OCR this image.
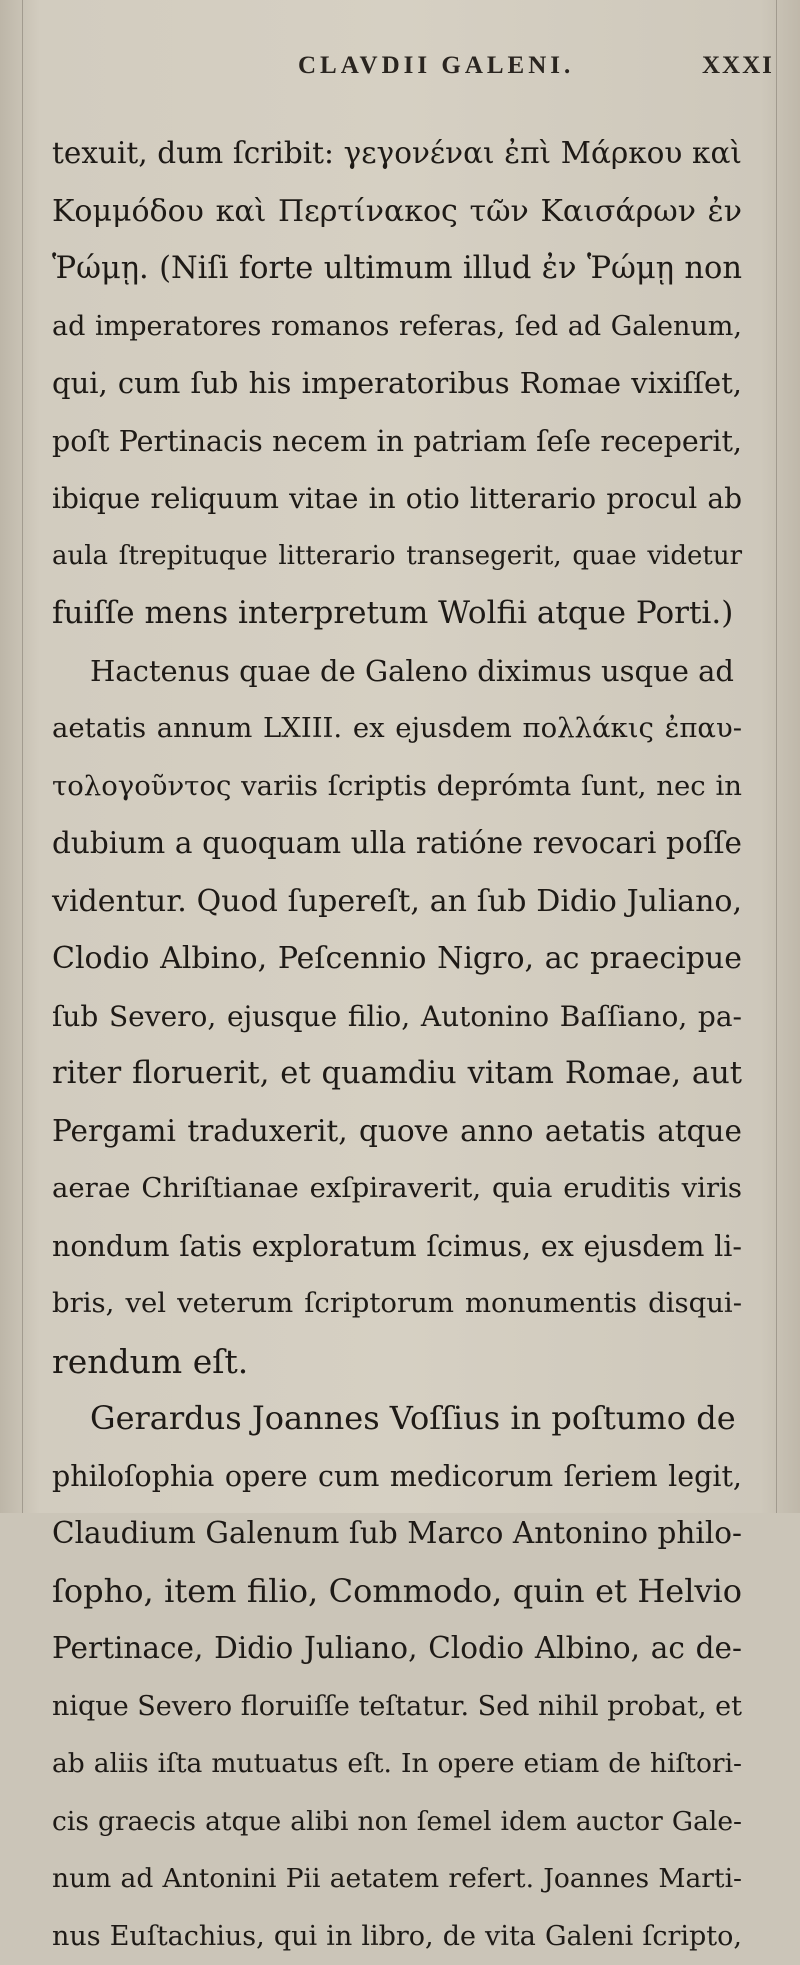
CLAVDII GALENI.	XXXI
texuit, dum ſcribit: γεγονέναι ἐπὶ Μάρκου καὶ
Κομμόδου καὶ Περτίνακος τῶν Καισάρων ἐν
Ῥώμῃ. (Niſi forte ultimum illud ἐν Ῥώμῃ non
ad imperatores romanos referas, ſed ad Galenum,
qui, cum ſub his imperatoribus Romae vixiſſet,
poſt Pertinacis necem in patriam ſeſe receperit,
ibique reliquum vitae in otio litterario procul ab
aula ſtrepituque litterario transegerit, quae videtur
fuiſſe mens interpretum Wolfii atque Porti.)
Hactenus quae de Galeno diximus usque ad
aetatis annum LXIII. ex ejusdem πολλάκις ἐπαυ-
τολογοῦντος variis ſcriptis deprómta ſunt, nec in
dubium a quoquam ulla ratióne revocari poſſe
videntur. Quod ſupereſt, an ſub Didio Juliano,
Clodio Albino, Peſcennio Nigro, ac praecipue
ſub Severo, ejusque filio, Autonino Baſſiano, pa-
riter floruerit, et quamdiu vitam Romae, aut
Pergami traduxerit, quove anno aetatis atque
aerae Chriſtianae exſpiraverit, quia eruditis viris
nondum ſatis exploratum ſcimus, ex ejusdem li-
bris, vel veterum ſcriptorum monumentis disqui-
rendum eſt.
Gerardus Joannes Voſſius in poſtumo de
philoſophia opere cum medicorum ſeriem legit,
Claudium Galenum ſub Marco Antonino philo-
ſopho, item filio, Commodo, quin et Helvio
Pertinace, Didio Juliano, Clodio Albino, ac de-
nique Severo floruiſſe teſtatur. Sed nihil probat, et
ab aliis iſta mutuatus eſt. In opere etiam de hiſtori-
cis graecis atque alibi non ſemel idem auctor Gale-
num ad Antonini Pii aetatem refert. Joannes Marti-
nus Euſtachius, qui in libro, de vita Galeni ſcripto,
